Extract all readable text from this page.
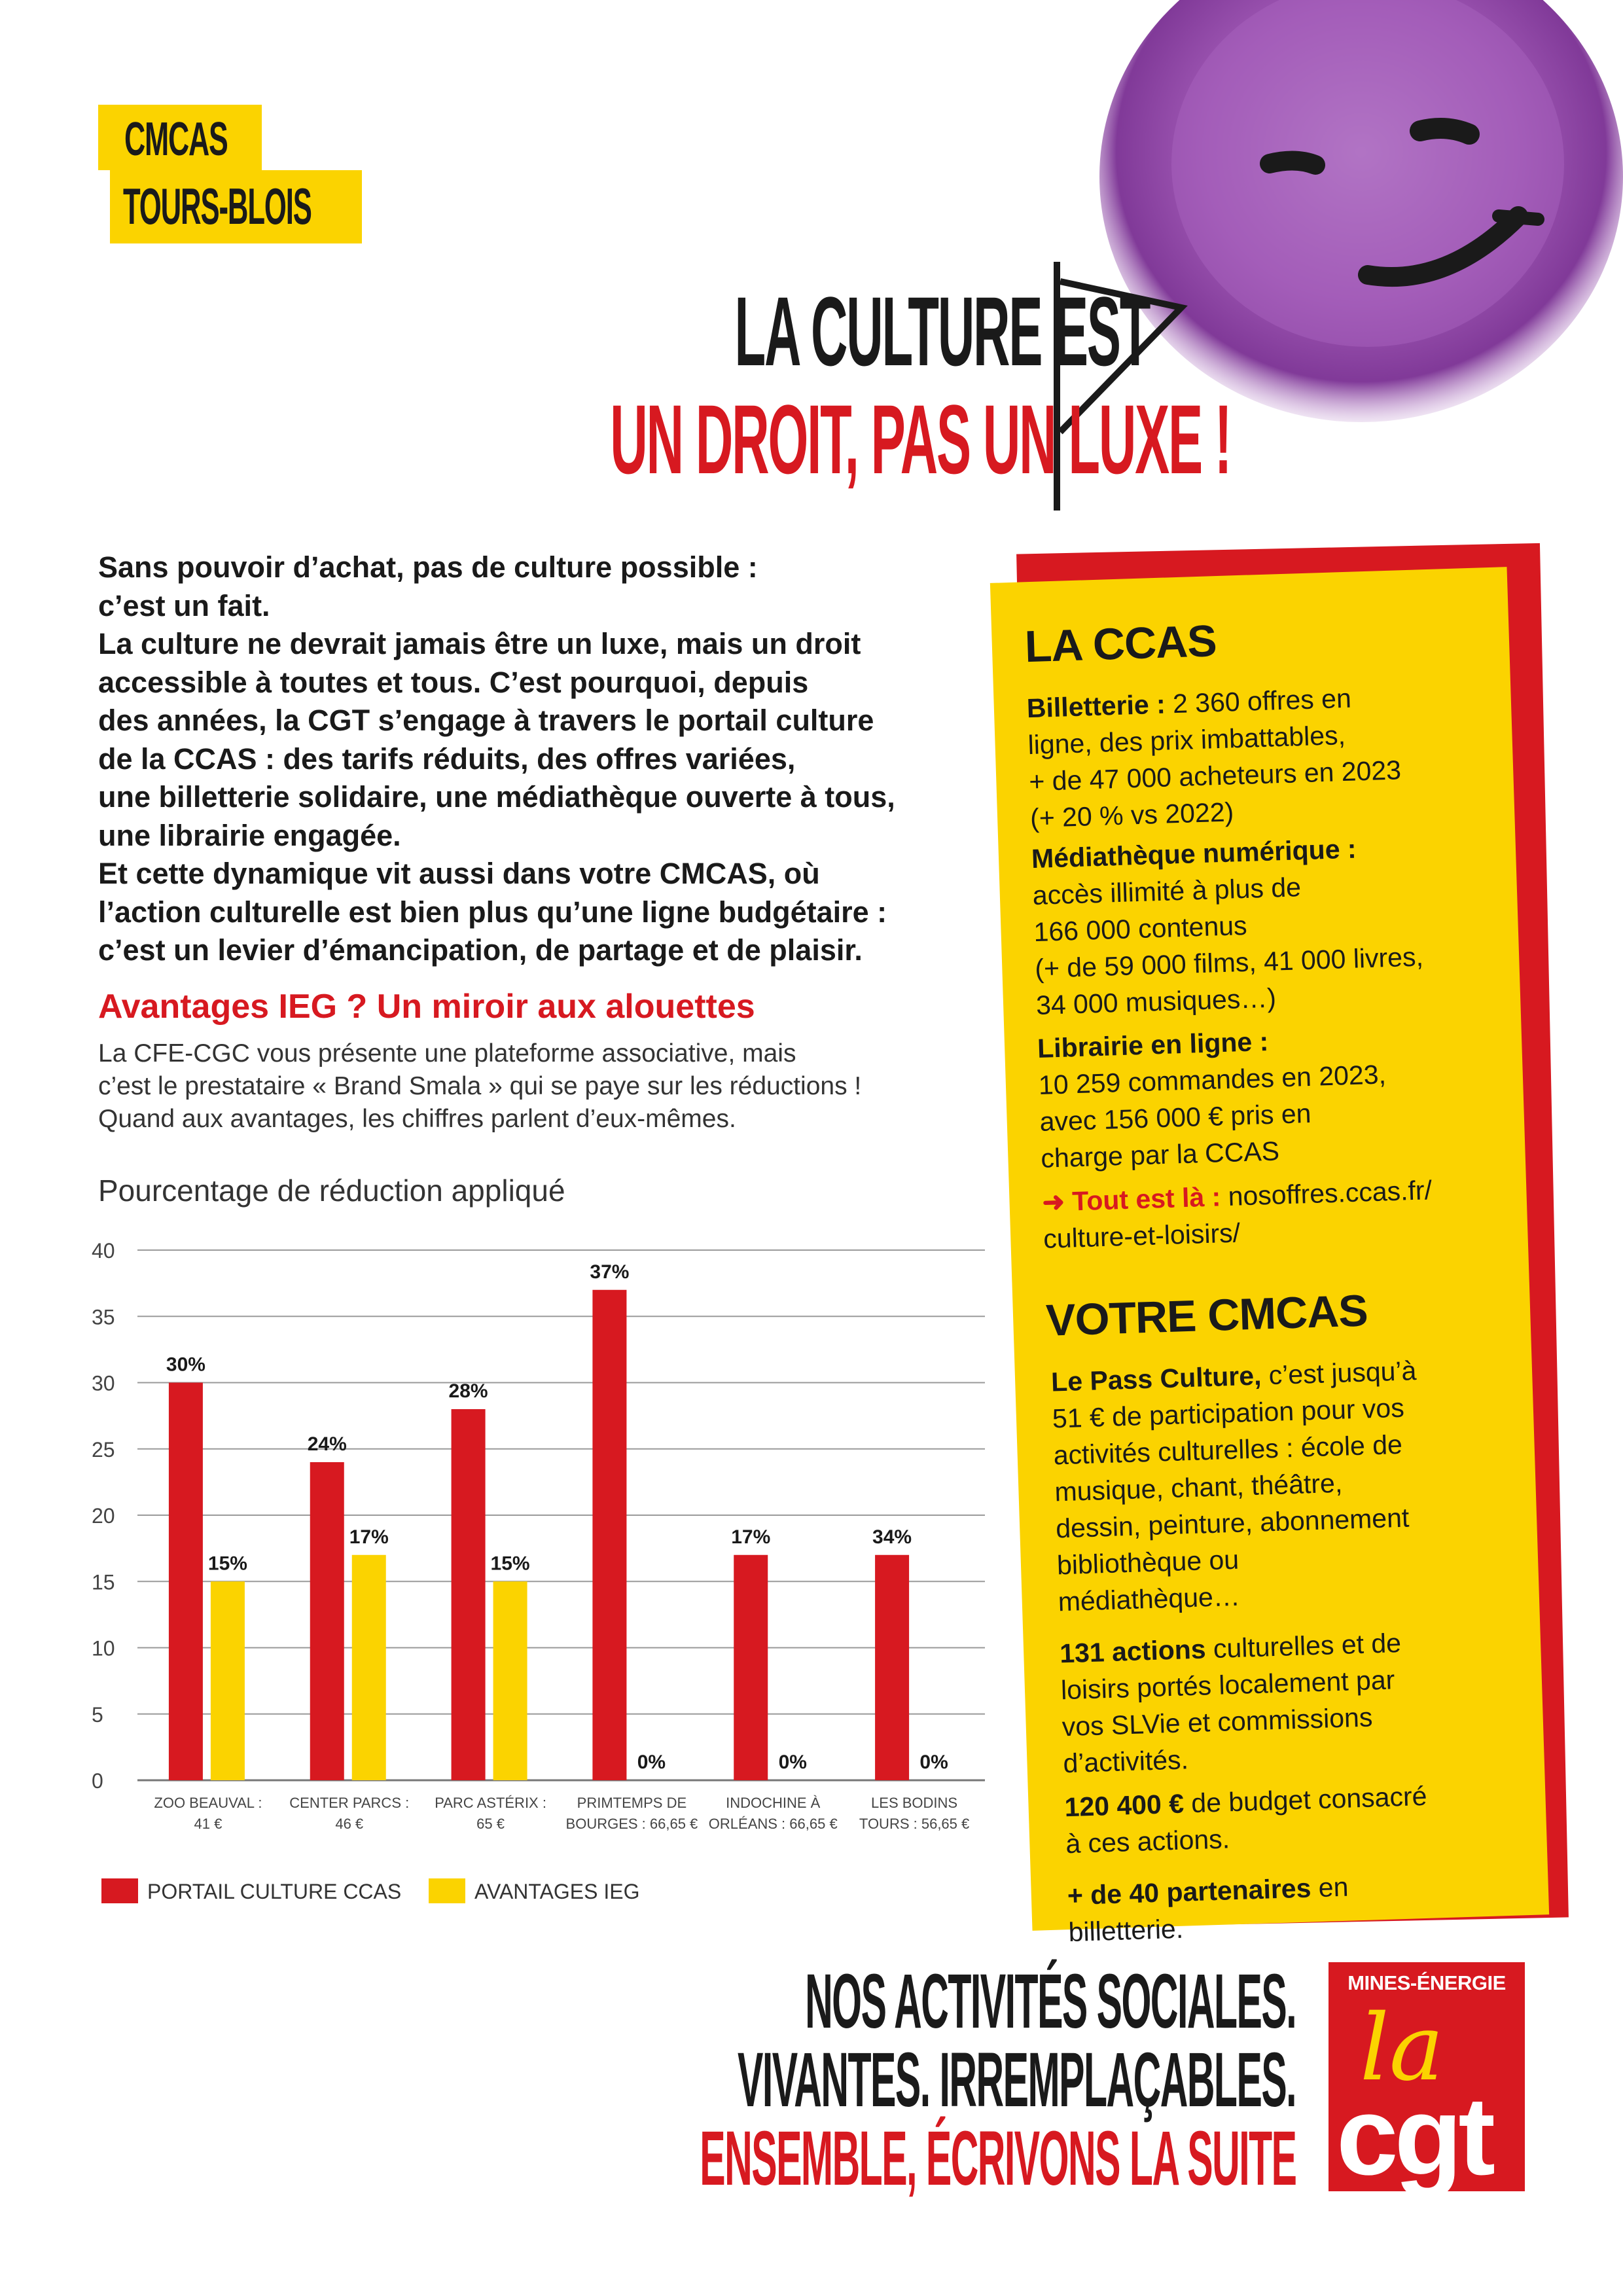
CMCAS
TOURS-BLOIS
LA CULTURE EST
UN DROIT, PAS UN LUXE !

Sans pouvoir d’achat, pas de culture possible :

c’est un fait.

La culture ne devrait jamais être un luxe, mais un droit

accessible à toutes et tous. C’est pourquoi, depuis

des années, la CGT s’engage à travers le portail culture

de la CCAS : des tarifs réduits, des offres variées,

une billetterie solidaire, une médiathèque ouverte à tous,

une librairie engagée.

Et cette dynamique vit aussi dans votre CMCAS, où

l’action culturelle est bien plus qu’une ligne budgétaire :

c’est un levier d’émancipation, de partage et de plaisir.

Avantages IEG ? Un miroir aux alouettes

La CFE-CGC vous présente une plateforme associative, mais

c’est le prestataire « Brand Smala » qui se paye sur les réductions !

Quand aux avantages, les chiffres parlent d’eux-mêmes.

Pourcentage de réduction appliqué
0
5
10
15
20
25
30
35
40
30%
15%
ZOO BEAUVAL :
41 €
24%
17%
CENTER PARCS :
46 €
28%
15%
PARC ASTÉRIX :
65 €
37%
0%
PRIMTEMPS DE
BOURGES : 66,65 €
17%
0%
INDOCHINE À
ORLÉANS : 66,65 €
34%
0%
LES BODINS
TOURS : 56,65 €
PORTAIL CULTURE CCAS	AVANTAGES IEG
LA CCAS
Billetterie : 2 360 offres en
ligne, des prix imbattables,
+ de 47 000 acheteurs en 2023
(+ 20 % vs 2022)
Médiathèque numérique :
accès illimité à plus de
166 000 contenus
(+ de 59 000 films, 41 000 livres,
34 000 musiques…)
Librairie en ligne :
10 259 commandes en 2023,
avec 156 000 € pris en
charge par la CCAS
➜ Tout est là : nosoffres.ccas.fr/
culture-et-loisirs/
VOTRE CMCAS
Le Pass Culture, c’est jusqu’à
51 € de participation pour vos
activités culturelles : école de
musique, chant, théâtre,
dessin, peinture, abonnement
bibliothèque ou
médiathèque…
131 actions culturelles et de
loisirs portés localement par
vos SLVie et commissions
d’activités.
120 400 € de budget consacré
à ces actions.
+ de 40 partenaires en
billetterie.
NOS ACTIVITÉS SOCIALES.
VIVANTES. IRREMPLAÇABLES.
ENSEMBLE, ÉCRIVONS LA SUITE
MINES-ÉNERGIE
la
cgt
